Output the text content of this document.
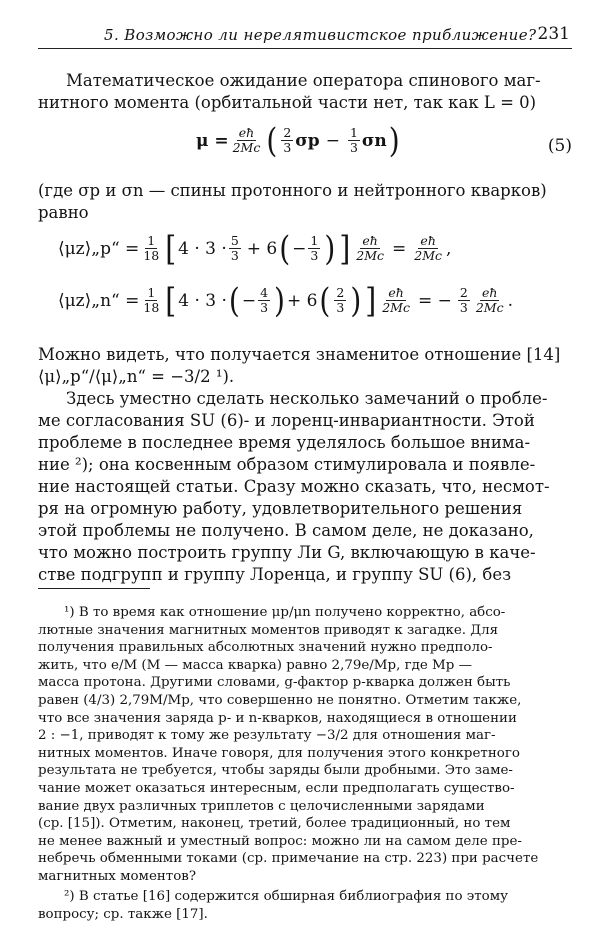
5. Возможно ли нерелятивистское приближение? 231
Математическое ожидание оператора спинового маг-
нитного момента (орбитальной части нет, так как L = 0)
$\mu = \frac{eħ}{2Mc}$ ( $\frac{2}{3}$ $\sigma p - \frac{1}{3}$ σn )	(5)
(где σp и σn — спины протонного и нейтронного кварков)
равно
⟨μz⟩„p“ = $\frac{1}{18}$ [ $4 \cdot 3 \cdot \frac{5}{3} + 6$ ( − $\frac{1}{3}$ ) ] $\frac{eħ}{2Mc} = \frac{eħ}{2Mc}$ ,
⟨μz⟩„n“ = $\frac{1}{18}$ [ 4 · 3 · ( − $\frac{4}{3}$ ) + 6 ( $\frac{2}{3}$ ) ] $\frac{eħ}{2Mc}$ = − $\frac{2}{3} \frac{eħ}{2Mc}$ .
Можно видеть, что получается знаменитое отношение [14]
⟨μ⟩„p“/⟨μ⟩„n“ = −3/2 ¹).
Здесь уместно сделать несколько замечаний о пробле-
ме согласования SU (6)- и лоренц-инвариантности. Этой
проблеме в последнее время уделялось большое внима-
ние ²); она косвенным образом стимулировала и появле-
ние настоящей статьи. Сразу можно сказать, что, несмот-
ря на огромную работу, удовлетворительного решения
этой проблемы не получено. В самом деле, не доказано,
что можно построить группу Ли G, включающую в каче-
стве подгрупп и группу Лоренца, и группу SU (6), без
¹) В то время как отношение μp/μn получено корректно, абсо-
лютные значения магнитных моментов приводят к загадке. Для
получения правильных абсолютных значений нужно предполо-
жить, что e/M (M — масса кварка) равно 2,79e/Mp, где Mp —
масса протона. Другими словами, g-фактор p-кварка должен быть
равен (4/3) 2,79M/Mp, что совершенно не понятно. Отметим также,
что все значения заряда p- и n-кварков, находящиеся в отношении
2 : −1, приводят к тому же результату −3/2 для отношения маг-
нитных моментов. Иначе говоря, для получения этого конкретного
результата не требуется, чтобы заряды были дробными. Это заме-
чание может оказаться интересным, если предполагать существо-
вание двух различных триплетов с целочисленными зарядами
(ср. [15]). Отметим, наконец, третий, более традиционный, но тем
не менее важный и уместный вопрос: можно ли на самом деле пре-
небречь обменными токами (ср. примечание на стр. 223) при расчете
магнитных моментов?
²) В статье [16] содержится обширная библиография по этому
вопросу; ср. также [17].
